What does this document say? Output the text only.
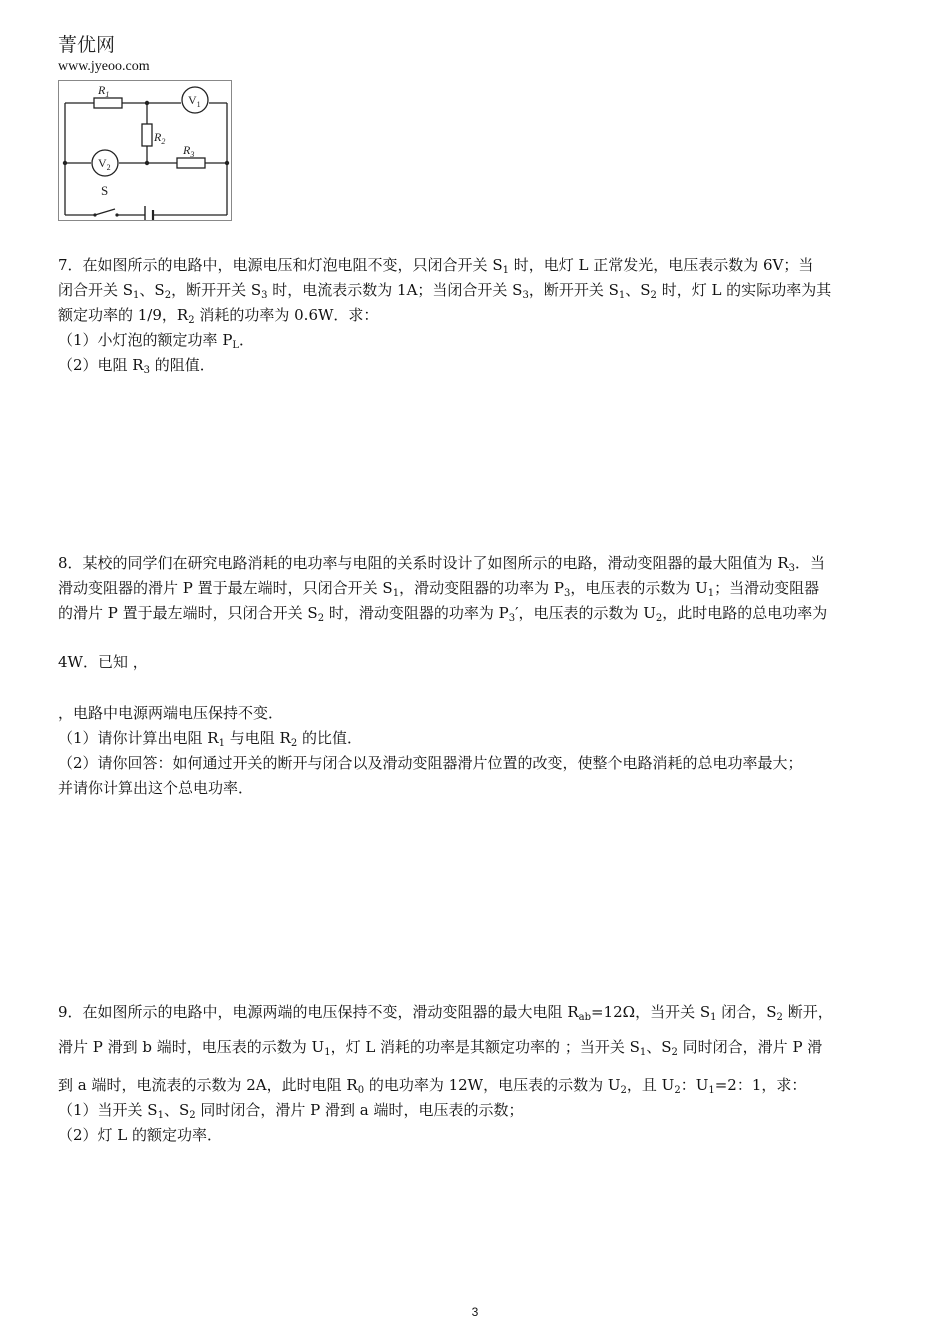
菁优网
www.jyeoo.com
$R_1$
$R_2$
$R_3$
$V_1$
$V_2$
S
7．在如图所示的电路中，电源电压和灯泡电阻不变，只闭合开关 $S_1$ 时，电灯 L 正常发光，电压表示数为 6V；当
闭合开关 $S_1$、$S_2$，断开开关 $S_3$ 时，电流表示数为 1A；当闭合开关 $S_3$，断开开关 $S_1$、$S_2$ 时，灯 L 的实际功率为其
额定功率的 1/9，$R_2$ 消耗的功率为 0.6W．求：
（1）小灯泡的额定功率 $P_L$．
（2）电阻 $R_3$ 的阻值．
8．某校的同学们在研究电路消耗的电功率与电阻的关系时设计了如图所示的电路，滑动变阻器的最大阻值为 $R_3$．当
滑动变阻器的滑片 P 置于最左端时，只闭合开关 $S_1$，滑动变阻器的功率为 $P_3$，电压表的示数为 $U_1$；当滑动变阻器
的滑片 P 置于最左端时，只闭合开关 $S_2$ 时，滑动变阻器的功率为 $P_3'$，电压表的示数为 $U_2$，此时电路的总电功率为
4W．已知 ，
，电路中电源两端电压保持不变．
（1）请你计算出电阻 $R_1$ 与电阻 $R_2$ 的比值．
（2）请你回答：如何通过开关的断开与闭合以及滑动变阻器滑片位置的改变，使整个电路消耗的总电功率最大；
并请你计算出这个总电功率．
9．在如图所示的电路中，电源两端的电压保持不变，滑动变阻器的最大电阻 $R_{ab}=12\Omega$，当开关 $S_1$ 闭合，$S_2$ 断开，
滑片 P 滑到 b 端时，电压表的示数为 $U_1$，灯 L 消耗的功率是其额定功率的 ；当开关 $S_1$、$S_2$ 同时闭合，滑片 P 滑
到 a 端时，电流表的示数为 2A，此时电阻 $R_0$ 的电功率为 12W，电压表的示数为 $U_2$，且 $U_2$：$U_1=2$：1，求：
（1）当开关 $S_1$、$S_2$ 同时闭合，滑片 P 滑到 a 端时，电压表的示数；
（2）灯 L 的额定功率．
3
